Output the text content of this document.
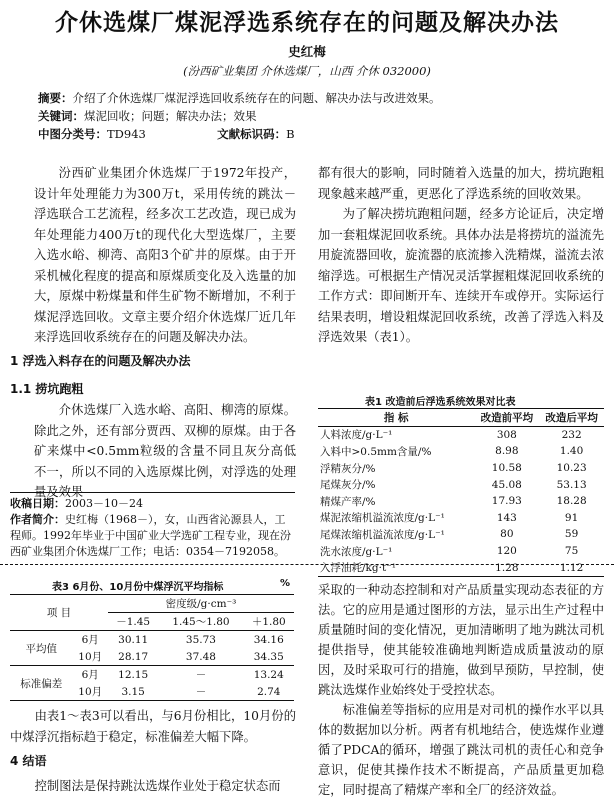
介休选煤厂煤泥浮选系统存在的问题及解决办法
史红梅
(汾西矿业集团 介休选煤厂，山西 介休 032000)
摘要：介绍了介休选煤厂煤泥浮选回收系统存在的问题、解决办法与改进效果。
关键词：煤泥回收；问题；解决办法；效果
中图分类号：TD943	文献标识码：B

汾西矿业集团介休选煤厂于1972年投产，设计年处理能力为300万t，采用传统的跳汰－浮选联合工艺流程，经多次工艺改造，现已成为年处理能力400万t的现代化大型选煤厂，主要入选水峪、柳湾、高阳3个矿井的原煤。由于开采机械化程度的提高和原煤质变化及入选量的加大，原煤中粉煤量和伴生矿物不断增加，不利于煤泥浮选回收。文章主要介绍介休选煤厂近几年来浮选回收系统存在的问题及解决办法。

1 浮选入料存在的问题及解决办法
1.1 捞坑跑粗

介休选煤厂入选水峪、高阳、柳湾的原煤。除此之外，还有部分贾西、双柳的原煤。由于各矿来煤中<0.5mm粒级的含量不同且灰分高低不一，所以不同的入选原煤比例，对浮选的处理量及效果

收稿日期：2003－10－24
作者简介：史红梅（1968－），女，山西省沁源县人，工程师。1992年毕业于中国矿业大学选矿工程专业，现在汾西矿业集团介休选煤厂工作；电话：0354－7192058。

都有很大的影响，同时随着入选量的加大，捞坑跑粗现象越来越严重，更恶化了浮选系统的回收效果。

为了解决捞坑跑粗问题，经多方论证后，决定增加一套粗煤泥回收系统。具体办法是将捞坑的溢流先用旋流器回收，旋流器的底流掺入洗精煤，溢流去浓缩浮选。可根据生产情况灵活掌握粗煤泥回收系统的工作方式：即间断开车、连续开车或停开。实际运行结果表明，增设粗煤泥回收系统，改善了浮选入料及浮选效果（表1）。

表1 改造前后浮选系统效果对比表
指 标	改造前平均	改造后平均
人料浓度/g·L⁻¹	308	232
入料中>0.5mm含量/%	8.98	1.40
浮精灰分/%	10.58	10.23
尾煤灰分/%	45.08	53.13
精煤产率/%	17.93	18.28
煤泥浓缩机溢流浓度/g·L⁻¹	143	91
尾煤浓缩机溢流浓度/g·L⁻¹	80	59
洗水浓度/g·L⁻¹	120	75
入浮油耗/kg·t⁻¹	1.28	1.12
表3 6月份、10月份中煤浮沉平均指标	%
项 目		密度级/g·cm⁻³		
		－1.45	1.45～1.80	＋1.80
平均值	6月	30.11	35.73	34.16
	10月	28.17	37.48	34.35
标准偏差	6月	12.15	－	13.24
	10月	3.15	－	2.74

由表1～表3可以看出，与6月份相比，10月份的中煤浮沉指标趋于稳定，标准偏差大幅下降。

4 结语

控制图法是保持跳汰选煤作业处于稳定状态而

采取的一种动态控制和对产品质量实现动态表征的方法。它的应用是通过图形的方法，显示出生产过程中质量随时间的变化情况，更加清晰明了地为跳汰司机提供指导，使其能较准确地判断造成质量波动的原因，及时采取可行的措施，做到早预防，早控制，使跳汰选煤作业始终处于受控状态。

标准偏差等指标的应用是对司机的操作水平以具体的数据加以分析。两者有机地结合，使选煤作业遵循了PDCA的循环，增强了跳汰司机的责任心和竞争意识，促使其操作技术不断提高，产品质量更加稳定，同时提高了精煤产率和全厂的经济效益。
